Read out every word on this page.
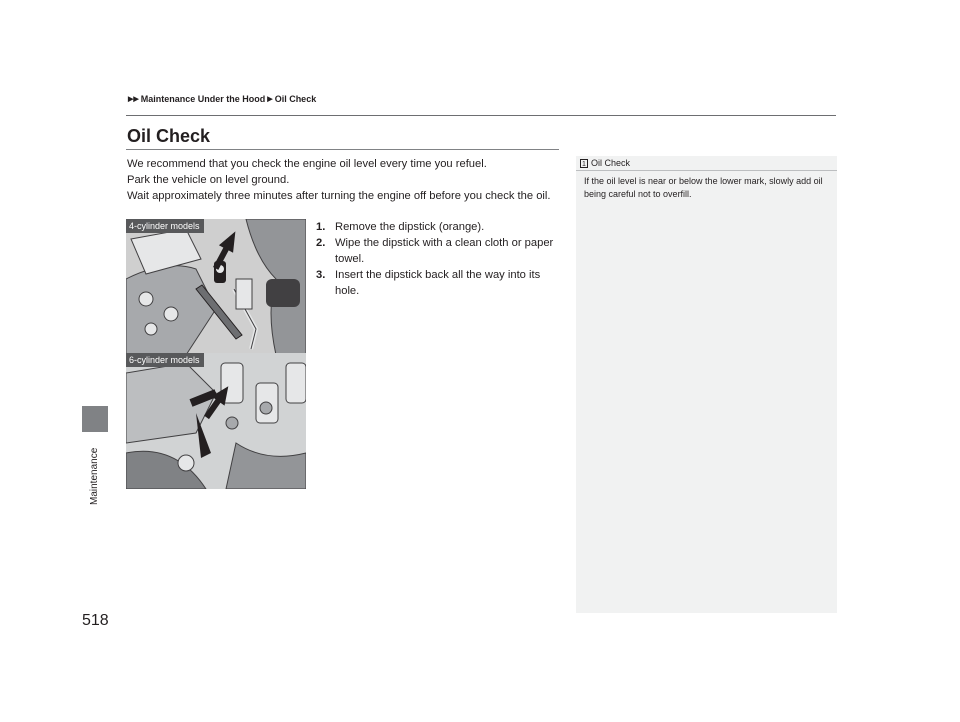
▶▶ Maintenance Under the Hood ▶ Oil Check
Maintenance
518
Oil Check

We recommend that you check the engine oil level every time you refuel.

Park the vehicle on level ground.

Wait approximately three minutes after turning the engine off before you check the oil.

1. Remove the dipstick (orange).
2. Wipe the dipstick with a clean cloth or paper towel.
3. Insert the dipstick back all the way into its hole.
4-cylinder models
6-cylinder models
1 Oil Check
If the oil level is near or below the lower mark, slowly add oil being careful not to overfill.
